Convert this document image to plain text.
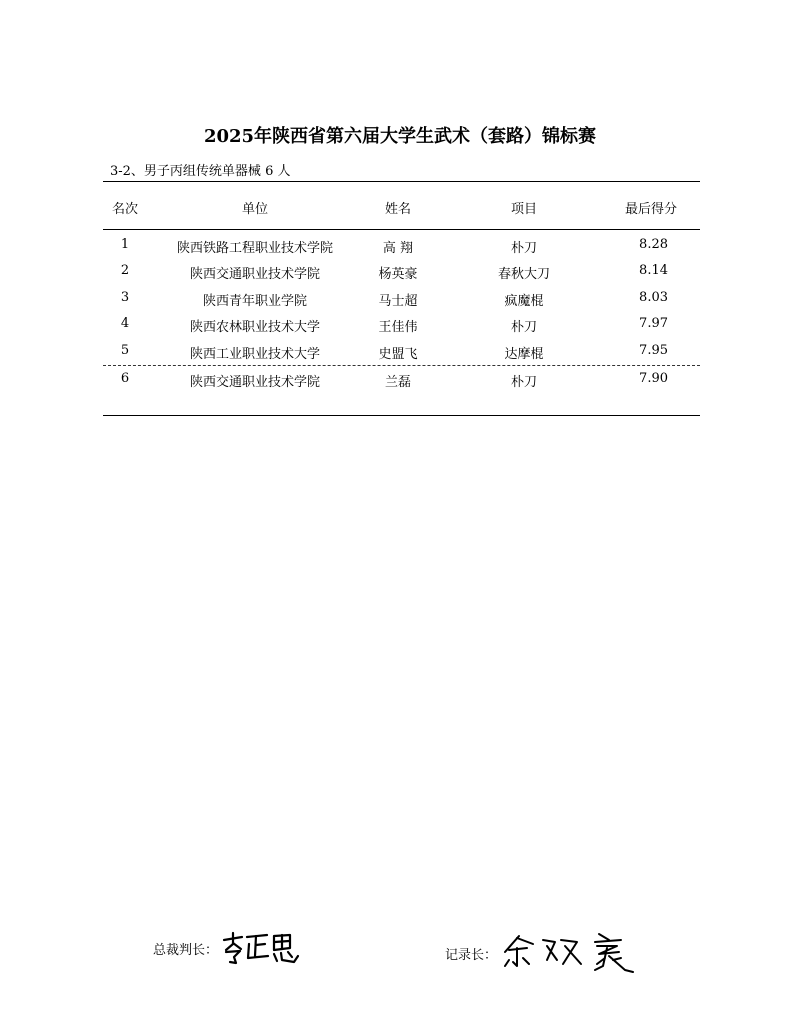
2025年陕西省第六届大学生武术（套路）锦标赛
3-2、男子丙组传统单器械 6 人
名次	单位	姓名	项目	最后得分
1	陕西铁路工程职业技术学院	高 翔	朴刀	8.28
2	陕西交通职业技术学院	杨英豪	春秋大刀	8.14
3	陕西青年职业学院	马士超	疯魔棍	8.03
4	陕西农林职业技术大学	王佳伟	朴刀	7.97
5	陕西工业职业技术大学	史盟飞	达摩棍	7.95
6	陕西交通职业技术学院	兰磊	朴刀	7.90
总裁判长：	记录长：
